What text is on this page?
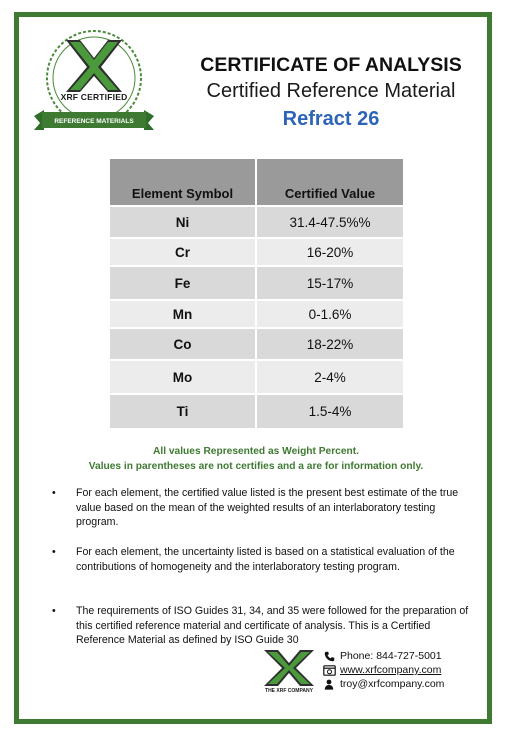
XRF CERTIFIED
REFERENCE MATERIALS
CERTIFICATE OF ANALYSIS
Certified Reference Material
Refract 26
Element Symbol	Certified Value
Ni	31.4-47.5%%
Cr	16-20%
Fe	15-17%
Mn	0-1.6%
Co	18-22%
Mo	2-4%
Ti	1.5-4%
All values Represented as Weight Percent.
Values in parentheses are not certifies and a are for information only.
• For each element, the certified value listed is the present best estimate of the true value based on the mean of the weighted results of an interlaboratory testing program.
• For each element, the uncertainty listed is based on a statistical evaluation of the contributions of homogeneity and the interlaboratory testing program.
• The requirements of ISO Guides 31, 34, and 35 were followed for the preparation of this certified reference material and certificate of analysis. This is a Certified Reference Material as defined by ISO Guide 30
THE XRF COMPANY
Phone: 844-727-5001
www.xrfcompany.com
troy@xrfcompany.com
